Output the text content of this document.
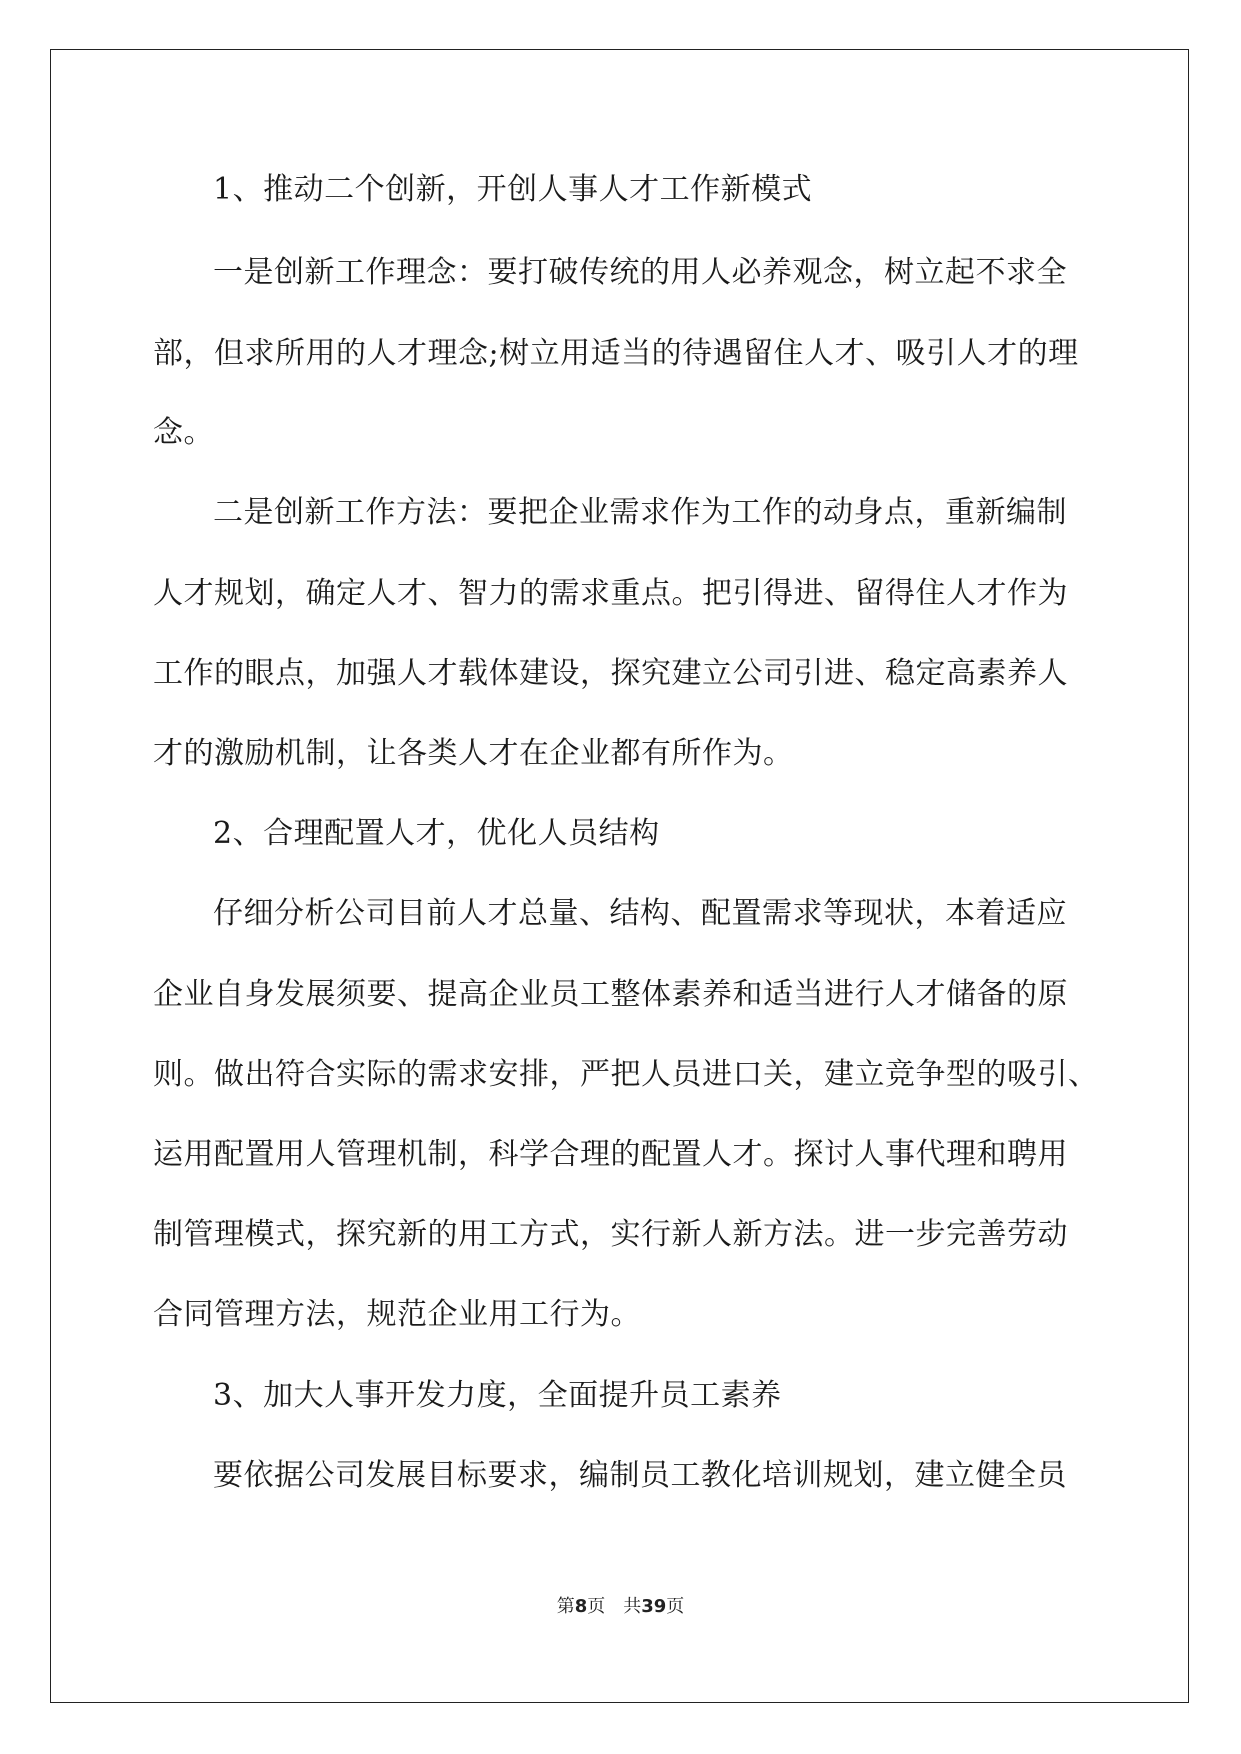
1、推动二个创新，开创人事人才工作新模式
一是创新工作理念：要打破传统的用人必养观念，树立起不求全
部，但求所用的人才理念;树立用适当的待遇留住人才、吸引人才的理
念。
二是创新工作方法：要把企业需求作为工作的动身点，重新编制
人才规划，确定人才、智力的需求重点。把引得进、留得住人才作为
工作的眼点，加强人才载体建设，探究建立公司引进、稳定高素养人
才的激励机制，让各类人才在企业都有所作为。
2、合理配置人才，优化人员结构
仔细分析公司目前人才总量、结构、配置需求等现状，本着适应
企业自身发展须要、提高企业员工整体素养和适当进行人才储备的原
则。做出符合实际的需求安排，严把人员进口关，建立竞争型的吸引、
运用配置用人管理机制，科学合理的配置人才。探讨人事代理和聘用
制管理模式，探究新的用工方式，实行新人新方法。进一步完善劳动
合同管理方法，规范企业用工行为。
3、加大人事开发力度，全面提升员工素养
要依据公司发展目标要求，编制员工教化培训规划，建立健全员
第8页 共39页
